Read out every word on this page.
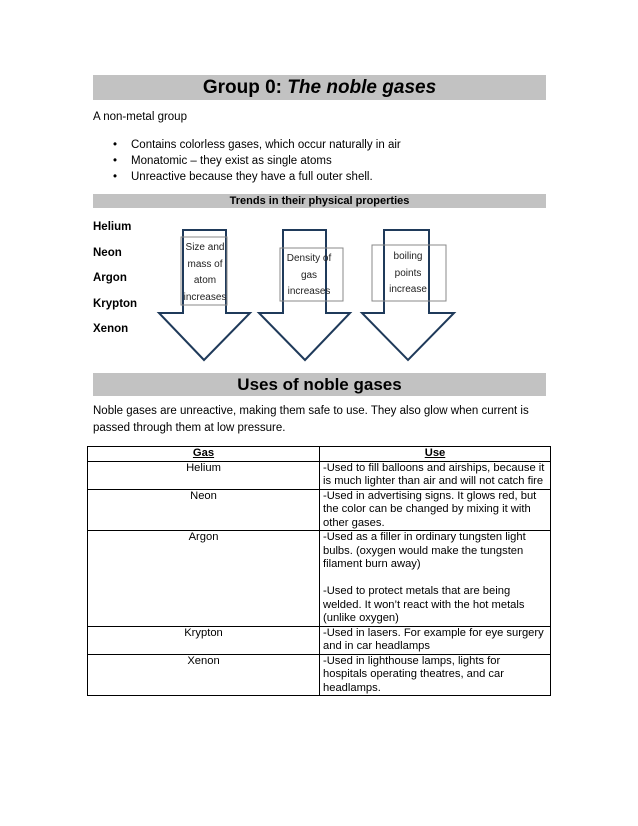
Group 0: The noble gases
A non-metal group
• Contains colorless gases, which occur naturally in air
• Monatomic – they exist as single atoms
• Unreactive because they have a full outer shell.
Trends in their physical properties
Helium
Neon
Argon
Krypton
Xenon
Size and
mass of
atom
increases
Density of
gas
increases
boiling
points
increase
Uses of noble gases
Noble gases are unreactive, making them safe to use. They also glow when current is passed through them at low pressure.
Gas	Use
Helium	-Used to fill balloons and airships, because it is much lighter than air and will not catch fire
Neon	-Used in advertising signs. It glows red, but the color can be changed by mixing it with other gases.
Argon	-Used as a filler in ordinary tungsten light bulbs. (oxygen would make the tungsten filament burn away)

-Used to protect metals that are being welded. It won’t react with the hot metals (unlike oxygen)
Krypton	-Used in lasers. For example for eye surgery and in car headlamps
Xenon	-Used in lighthouse lamps, lights for hospitals operating theatres, and car headlamps.
